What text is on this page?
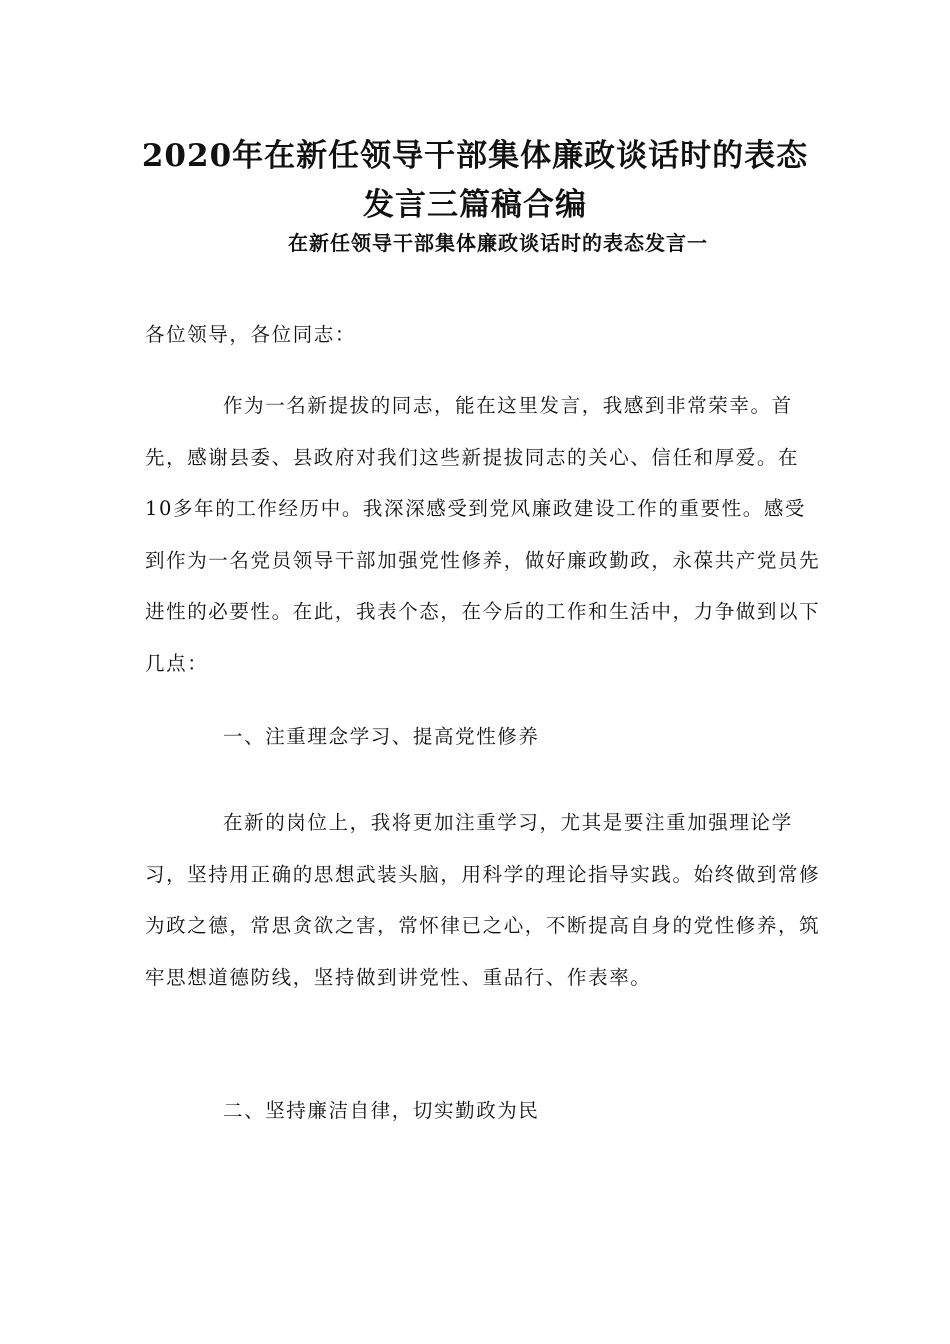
2020年在新任领导干部集体廉政谈话时的表态
发言三篇稿合编
在新任领导干部集体廉政谈话时的表态发言一

各位领导，各位同志：

作为一名新提拔的同志，能在这里发言，我感到非常荣幸。首先，感谢县委、县政府对我们这些新提拔同志的关心、信任和厚爱。在10多年的工作经历中。我深深感受到党风廉政建设工作的重要性。感受到作为一名党员领导干部加强党性修养，做好廉政勤政，永葆共产党员先进性的必要性。在此，我表个态，在今后的工作和生活中，力争做到以下几点：

一、注重理念学习、提高党性修养

在新的岗位上，我将更加注重学习，尤其是要注重加强理论学习，坚持用正确的思想武装头脑，用科学的理论指导实践。始终做到常修为政之德，常思贪欲之害，常怀律已之心，不断提高自身的党性修养，筑牢思想道德防线，坚持做到讲党性、重品行、作表率。

二、坚持廉洁自律，切实勤政为民
